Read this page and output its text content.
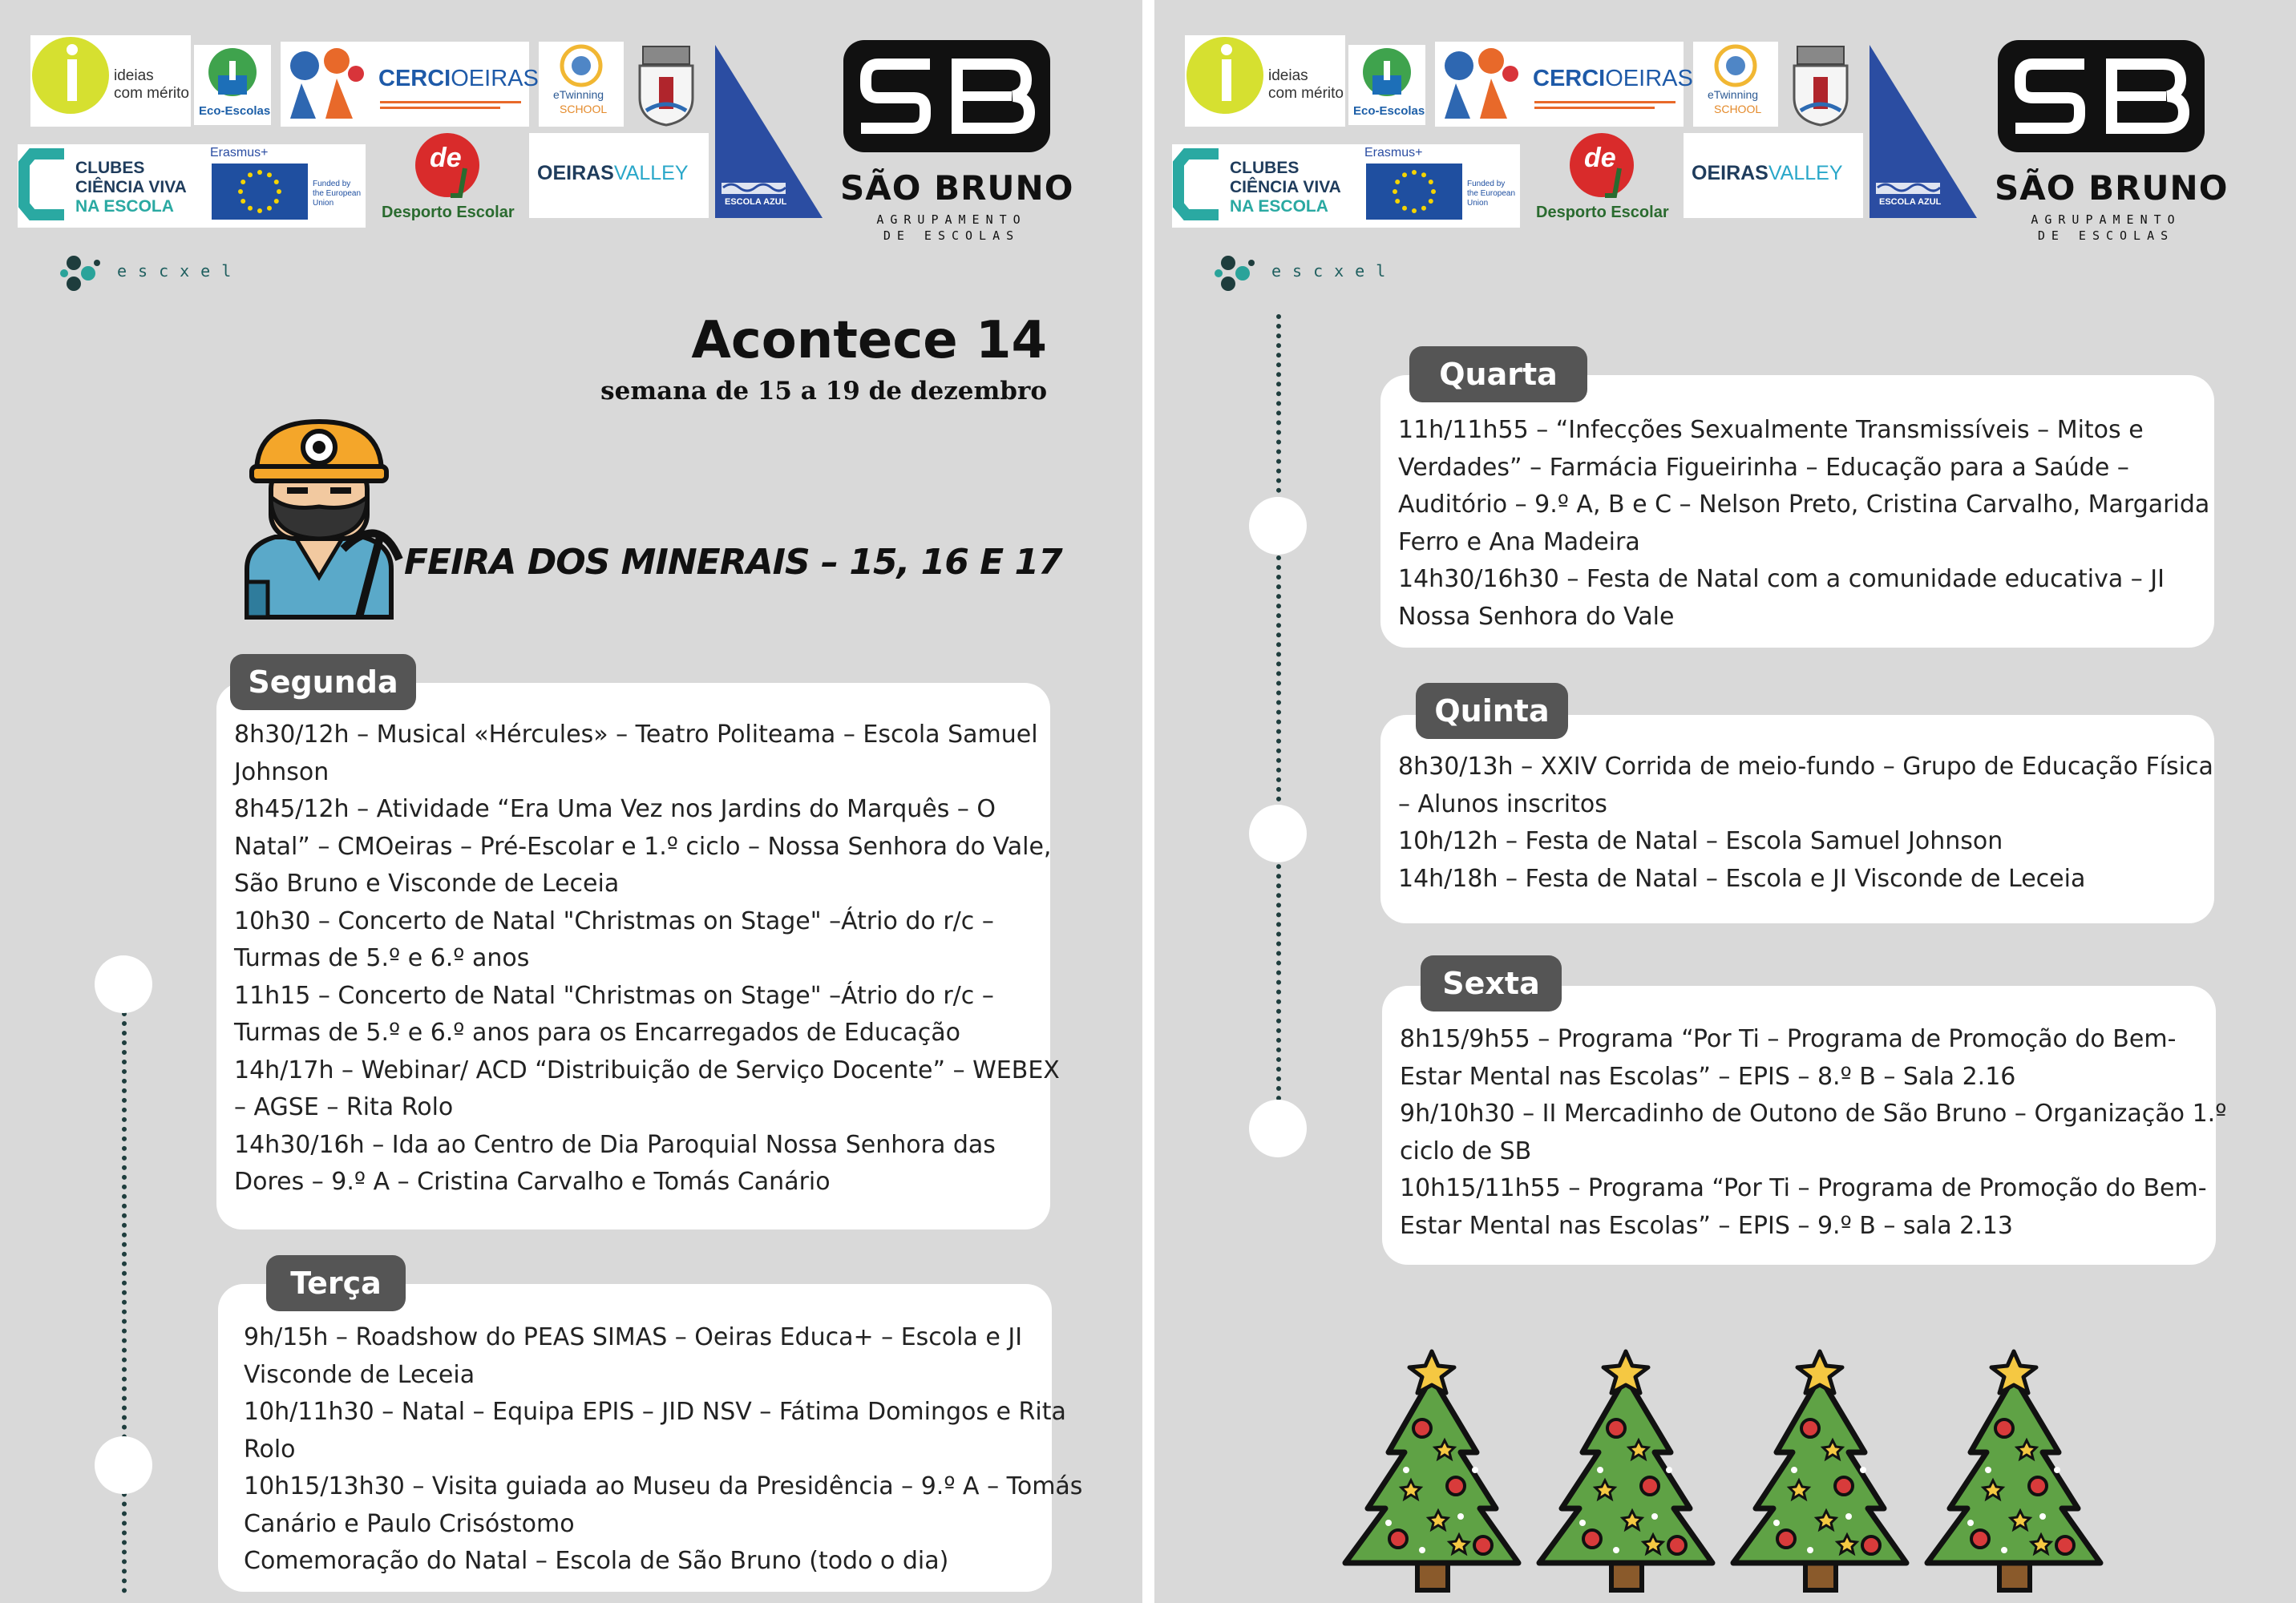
ideias
com mérito
Eco-Escolas
CERCIOEIRAS
eTwinning
SCHOOL
ESCOLA AZUL
CLUBES
CIÊNCIA VIVA
NA ESCOLA
Erasmus+
Funded by the European Union
de
Desporto Escolar
OEIRASVALLEY	SÃO BRUNO
AGRUPAMENTO
DE ESCOLAS
escxel
Acontece 14
semana de 15 a 19 de dezembro
FEIRA DOS MINERAIS – 15, 16 E 17
8h30/12h – Musical «Hércules» – Teatro Politeama – Escola Samuel
Johnson
8h45/12h – Atividade “Era Uma Vez nos Jardins do Marquês – O
Natal” – CMOeiras – Pré-Escolar e 1.º ciclo – Nossa Senhora do Vale,
São Bruno e Visconde de Leceia
10h30 – Concerto de Natal "Christmas on Stage" –Átrio do r/c –
Turmas de 5.º e 6.º anos
11h15 – Concerto de Natal "Christmas on Stage" –Átrio do r/c –
Turmas de 5.º e 6.º anos para os Encarregados de Educação
14h/17h – Webinar/ ACD “Distribuição de Serviço Docente” – WEBEX
– AGSE – Rita Rolo
14h30/16h – Ida ao Centro de Dia Paroquial Nossa Senhora das
Dores – 9.º A – Cristina Carvalho e Tomás Canário
Segunda
9h/15h – Roadshow do PEAS SIMAS – Oeiras Educa+ – Escola e JI
Visconde de Leceia
10h/11h30 – Natal – Equipa EPIS – JID NSV – Fátima Domingos e Rita
Rolo
10h15/13h30 – Visita guiada ao Museu da Presidência – 9.º A – Tomás
Canário e Paulo Crisóstomo
Comemoração do Natal – Escola de São Bruno (todo o dia)
Terça
ideias
com mérito
Eco-Escolas
CERCIOEIRAS
eTwinning
SCHOOL
ESCOLA AZUL
CLUBES
CIÊNCIA VIVA
NA ESCOLA
Erasmus+
Funded by the European Union
de
Desporto Escolar
OEIRASVALLEY	SÃO BRUNO
AGRUPAMENTO
DE ESCOLAS
escxel
11h/11h55 – “Infecções Sexualmente Transmissíveis – Mitos e
Verdades” – Farmácia Figueirinha – Educação para a Saúde –
Auditório – 9.º A, B e C – Nelson Preto, Cristina Carvalho, Margarida
Ferro e Ana Madeira
14h30/16h30 – Festa de Natal com a comunidade educativa – JI
Nossa Senhora do Vale
Quarta
8h30/13h – XXIV Corrida de meio-fundo – Grupo de Educação Física
– Alunos inscritos
10h/12h – Festa de Natal – Escola Samuel Johnson
14h/18h – Festa de Natal – Escola e JI Visconde de Leceia
Quinta
8h15/9h55 – Programa “Por Ti – Programa de Promoção do Bem-
Estar Mental nas Escolas” – EPIS – 8.º B – Sala 2.16
9h/10h30 – II Mercadinho de Outono de São Bruno – Organização 1.º
ciclo de SB
10h15/11h55 – Programa “Por Ti – Programa de Promoção do Bem-
Estar Mental nas Escolas” – EPIS – 9.º B – sala 2.13
Sexta
